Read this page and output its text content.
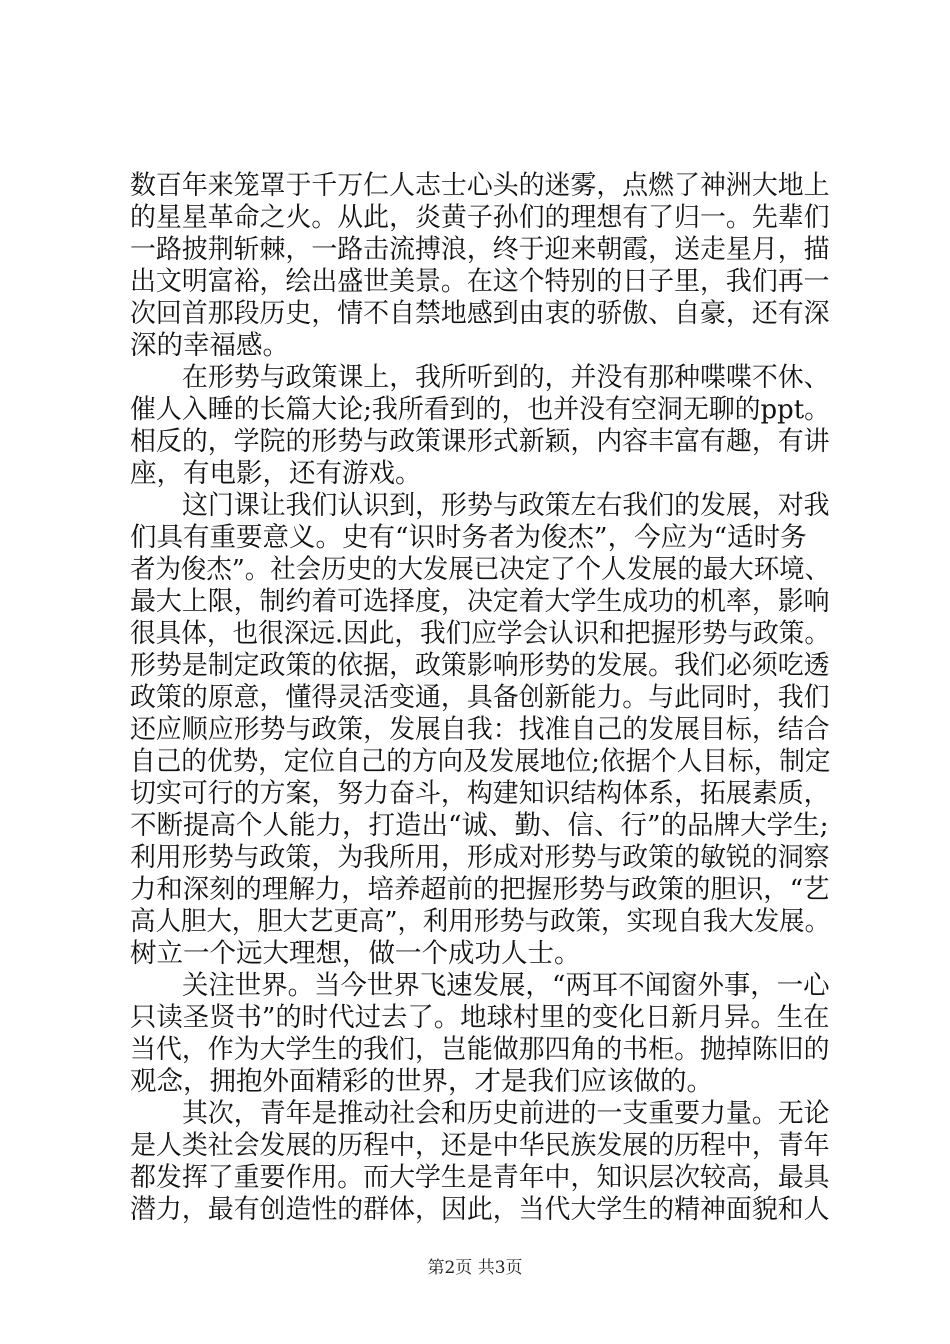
数百年来笼罩于千万仁人志士心头的迷雾，点燃了神洲大地上
的星星革命之火。从此，炎黄子孙们的理想有了归一。先辈们
一路披荆斩棘，一路击流搏浪，终于迎来朝霞，送走星月，描
出文明富裕，绘出盛世美景。在这个特别的日子里，我们再一
次回首那段历史，情不自禁地感到由衷的骄傲、自豪，还有深
深的幸福感。
在形势与政策课上，我所听到的，并没有那种喋喋不休、
催人入睡的长篇大论;我所看到的，也并没有空洞无聊的ppt。
相反的，学院的形势与政策课形式新颖，内容丰富有趣，有讲
座，有电影，还有游戏。
这门课让我们认识到，形势与政策左右我们的发展，对我
们具有重要意义。史有“识时务者为俊杰”，今应为“适时务
者为俊杰”。社会历史的大发展已决定了个人发展的最大环境、
最大上限，制约着可选择度，决定着大学生成功的机率，影响
很具体，也很深远.因此，我们应学会认识和把握形势与政策。
形势是制定政策的依据，政策影响形势的发展。我们必须吃透
政策的原意，懂得灵活变通，具备创新能力。与此同时，我们
还应顺应形势与政策，发展自我：找准自己的发展目标，结合
自己的优势，定位自己的方向及发展地位;依据个人目标，制定
切实可行的方案，努力奋斗，构建知识结构体系，拓展素质，
不断提高个人能力，打造出“诚、勤、信、行”的品牌大学生;
利用形势与政策，为我所用，形成对形势与政策的敏锐的洞察
力和深刻的理解力，培养超前的把握形势与政策的胆识，“艺
高人胆大，胆大艺更高”，利用形势与政策，实现自我大发展。
树立一个远大理想，做一个成功人士。
关注世界。当今世界飞速发展，“两耳不闻窗外事，一心
只读圣贤书”的时代过去了。地球村里的变化日新月异。生在
当代，作为大学生的我们，岂能做那四角的书柜。抛掉陈旧的
观念，拥抱外面精彩的世界，才是我们应该做的。
其次，青年是推动社会和历史前进的一支重要力量。无论
是人类社会发展的历程中，还是中华民族发展的历程中，青年
都发挥了重要作用。而大学生是青年中，知识层次较高，最具
潜力，最有创造性的群体，因此，当代大学生的精神面貌和人
第2页 共3页
